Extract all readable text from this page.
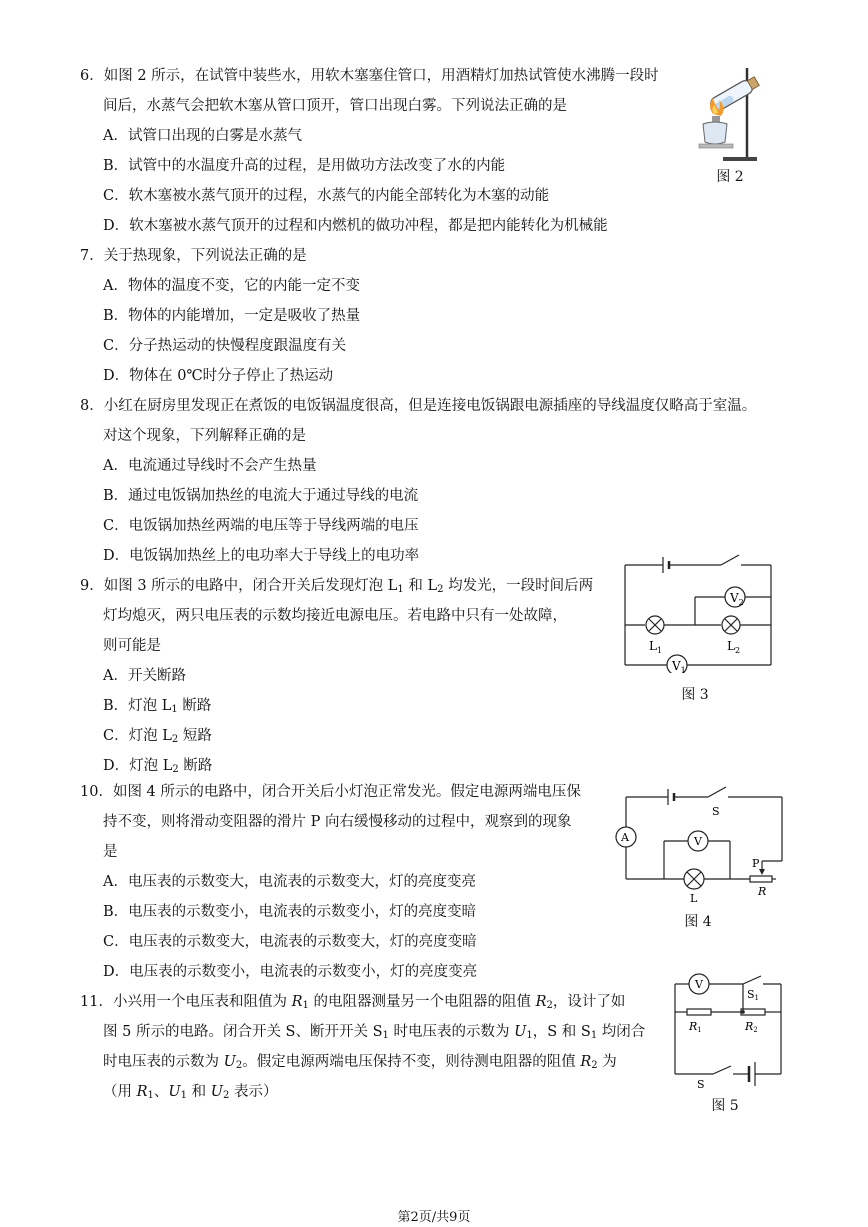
6．如图 2 所示，在试管中装些水，用软木塞塞住管口，用酒精灯加热试管使水沸腾一段时
间后，水蒸气会把软木塞从管口顶开，管口出现白雾。下列说法正确的是
A．试管口出现的白雾是水蒸气
B．试管中的水温度升高的过程，是用做功方法改变了水的内能
C．软木塞被水蒸气顶开的过程，水蒸气的内能全部转化为木塞的动能
D．软木塞被水蒸气顶开的过程和内燃机的做功冲程，都是把内能转化为机械能
图 2
7．关于热现象，下列说法正确的是
A．物体的温度不变，它的内能一定不变
B．物体的内能增加，一定是吸收了热量
C．分子热运动的快慢程度跟温度有关
D．物体在 0℃时分子停止了热运动
8．小红在厨房里发现正在煮饭的电饭锅温度很高，但是连接电饭锅跟电源插座的导线温度仅略高于室温。
对这个现象，下列解释正确的是
A．电流通过导线时不会产生热量
B．通过电饭锅加热丝的电流大于通过导线的电流
C．电饭锅加热丝两端的电压等于导线两端的电压
D．电饭锅加热丝上的电功率大于导线上的电功率
9．如图 3 所示的电路中，闭合开关后发现灯泡 $L_1$ 和 $L_2$ 均发光，一段时间后两
灯均熄灭，两只电压表的示数均接近电源电压。若电路中只有一处故障，
则可能是
A．开关断路
B．灯泡 $L_1$ 断路
C．灯泡 $L_2$ 短路
D．灯泡 $L_2$ 断路
$V_2$
$V_1$
$L_1$	$L_2$
图 3
10．如图 4 所示的电路中，闭合开关后小灯泡正常发光。假定电源两端电压保
持不变，则将滑动变阻器的滑片 P 向右缓慢移动的过程中，观察到的现象
是
A．电压表的示数变大，电流表的示数变大，灯的亮度变亮
B．电压表的示数变小，电流表的示数变小，灯的亮度变暗
C．电压表的示数变大，电流表的示数变大，灯的亮度变暗
D．电压表的示数变小，电流表的示数变小，灯的亮度变亮
A	V
S
P
L
R
图 4
11．小兴用一个电压表和阻值为 $R_1$ 的电阻器测量另一个电阻器的阻值 $R_2$，设计了如
图 5 所示的电路。闭合开关 S、断开开关 $S_1$ 时电压表的示数为 $U_1$，S 和 $S_1$ 均闭合
时电压表的示数为 $U_2$。假定电源两端电压保持不变，则待测电阻器的阻值 $R_2$ 为
（用 $R_1$、$U_1$ 和 $U_2$ 表示）
V
S1
R1	R2
S
图 5
第2页/共9页
